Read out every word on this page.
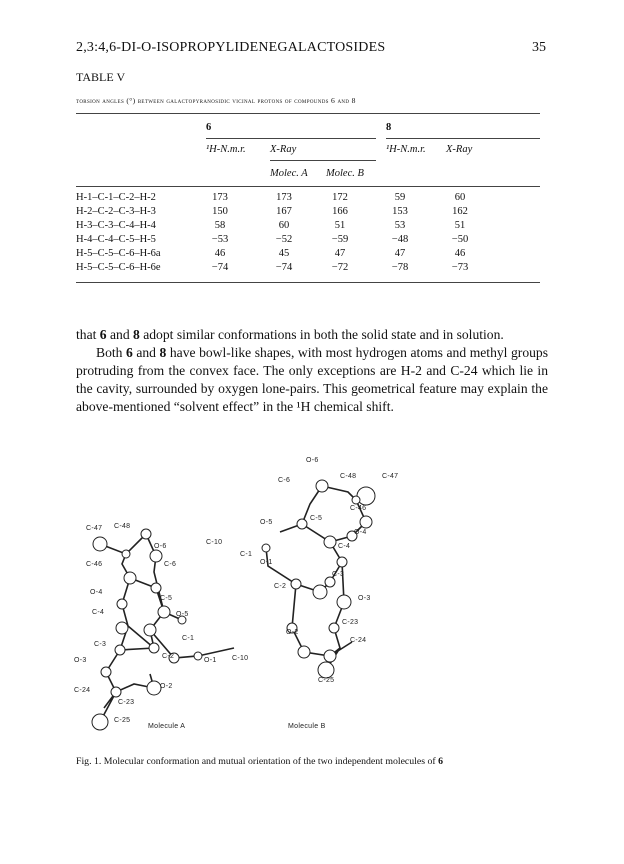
2,3:4,6-DI-O-ISOPROPYLIDENEGALACTOSIDES	35
TABLE V
torsion angles (°) between galactopyranosidic vicinal protons of compounds 6 and 8
6	8
¹H-N.m.r. X-Ray	¹H-N.m.r. X-Ray
Molec. A Molec. B
H-1–C-1–C-2–H-2	173	173	172	59	60
H-2–C-2–C-3–H-3	150	167	166	153	162
H-3–C-3–C-4–H-4	58	60	51	53	51
H-4–C-4–C-5–H-5	−53	−52	−59	−48	−50
H-5–C-5–C-6–H-6a	46	45	47	47	46
H-5–C-5–C-6–H-6e	−74	−74	−72	−78	−73

that 6 and 8 adopt similar conformations in both the solid state and in solution.

Both 6 and 8 have bowl-like shapes, with most hydrogen atoms and methyl groups protruding from the convex face. The only exceptions are H-2 and C-24 which lie in the cavity, surrounded by oxygen lone-pairs. This geometrical feature may explain the above-mentioned “solvent effect” in the ¹H chemical shift.

C-47 C-48
O-6
C-46	C-6
O-4
C-5
C-4	O-5
C-10
C-1
C-3
C-2
O-1 C-10
O-3
C-24
O-2
C-23
C-25
Molecule A
O-6
C-6
C-48	C-47
C-46
O-5
C-5
O-4
C-4
C-1
O-1
C-2
C-3
O-3
C-23
O-2
C-24
C-25
Molecule B
Fig. 1. Molecular conformation and mutual orientation of the two independent molecules of 6
